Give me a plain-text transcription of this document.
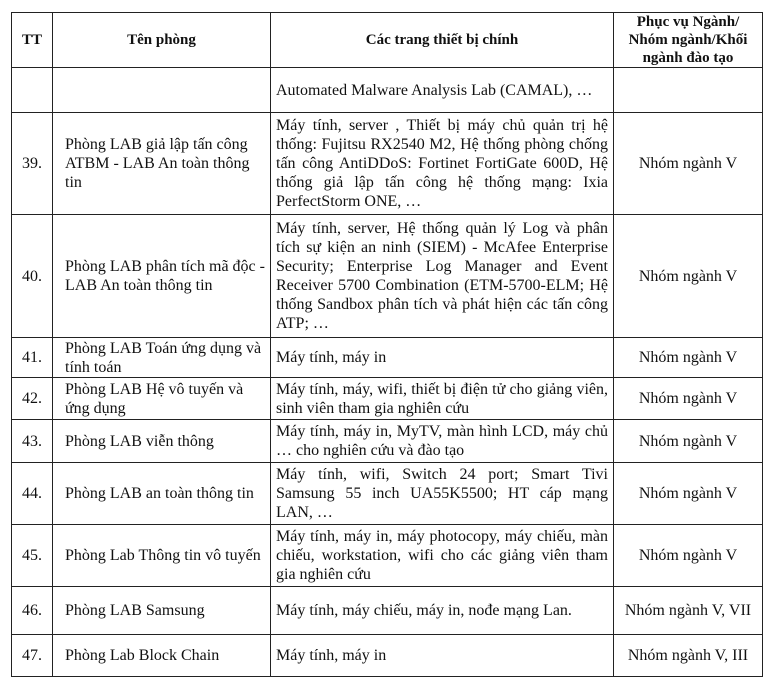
TT	Tên phòng	Các trang thiết bị chính	Phục vụ Ngành/ Nhóm ngành/Khối ngành đào tạo
		Automated Malware Analysis Lab (CAMAL), …	
39.	Phòng LAB giả lập tấn công ATBM - LAB An toàn thông tin	Máy tính, server , Thiết bị máy chủ quản trị hệ thống: Fujitsu RX2540 M2, Hệ thống phòng chống tấn công AntiDDoS: Fortinet FortiGate 600D, Hệ thống giả lập tấn công hệ thống mạng: Ixia PerfectStorm ONE, …	Nhóm ngành V
40.	Phòng LAB phân tích mã độc - LAB An toàn thông tin	Máy tính, server, Hệ thống quản lý Log và phân tích sự kiện an ninh (SIEM) - McAfee Enterprise Security; Enterprise Log Manager and Event Receiver 5700 Combination (ETM-5700-ELM; Hệ thống Sandbox phân tích và phát hiện các tấn công ATP; …	Nhóm ngành V
41.	Phòng LAB Toán ứng dụng và tính toán	Máy tính, máy in	Nhóm ngành V
42.	Phòng LAB Hệ vô tuyến và ứng dụng	Máy tính, máy, wifi, thiết bị điện tử cho giảng viên, sinh viên tham gia nghiên cứu	Nhóm ngành V
43.	Phòng LAB viễn thông	Máy tính, máy in, MyTV, màn hình LCD, máy chủ … cho nghiên cứu và đào tạo	Nhóm ngành V
44.	Phòng LAB an toàn thông tin	Máy tính, wifi, Switch 24 port; Smart Tivi Samsung 55 inch UA55K5500; HT cáp mạng LAN, …	Nhóm ngành V
45.	Phòng Lab Thông tin vô tuyến	Máy tính, máy in, máy photocopy, máy chiếu, màn chiếu, workstation, wifi cho các giảng viên tham gia nghiên cứu	Nhóm ngành V
46.	Phòng LAB Samsung	Máy tính, máy chiếu, máy in, nođe mạng Lan.	Nhóm ngành V, VII
47.	Phòng Lab Block Chain	Máy tính, máy in	Nhóm ngành V, III
